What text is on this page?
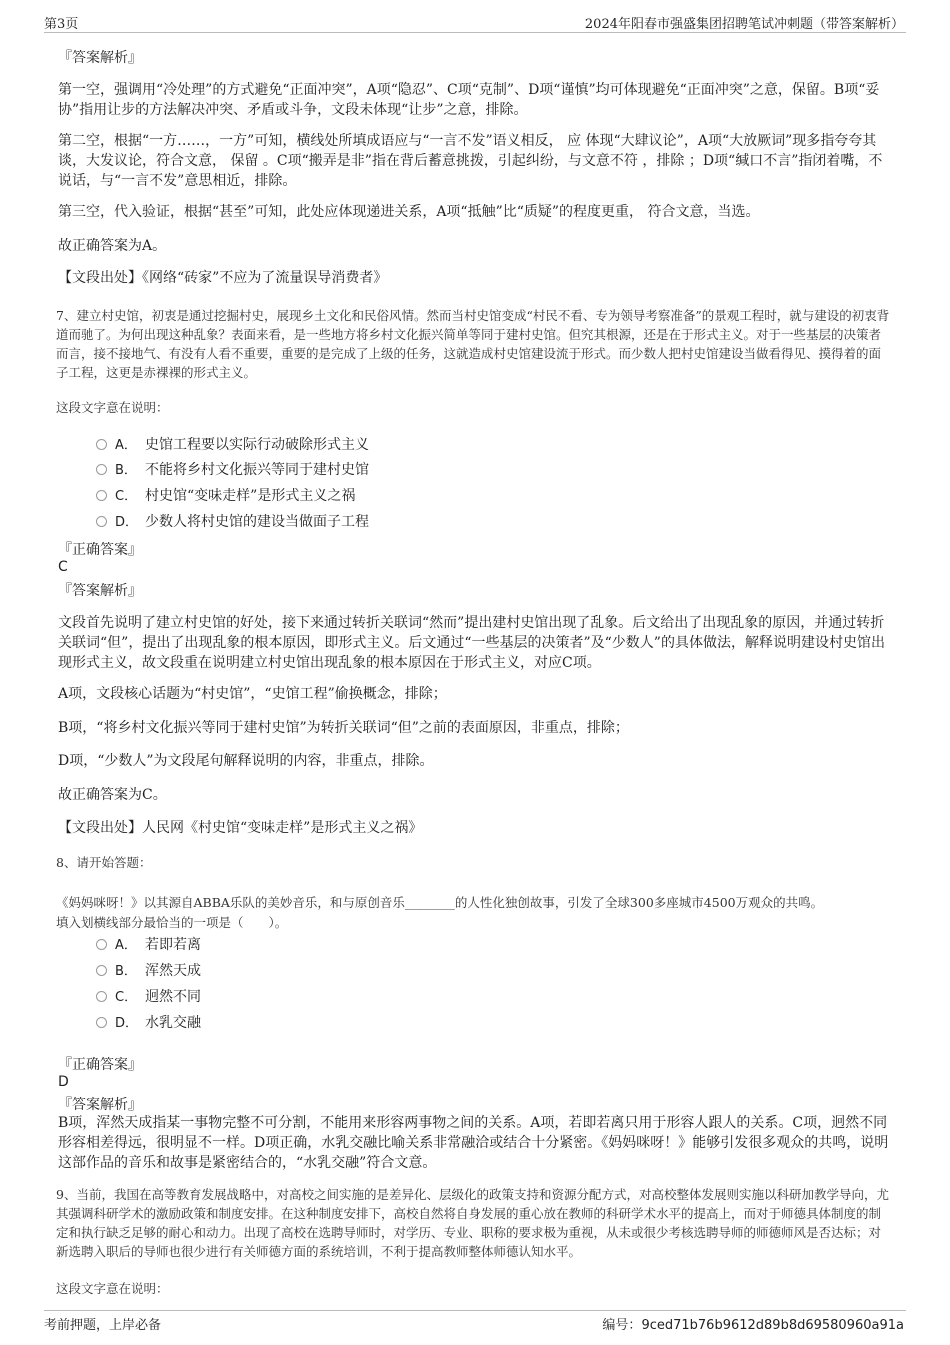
第3页	2024年阳春市强盛集团招聘笔试冲刺题（带答案解析）
『答案解析』
第一空，强调用“冷处理”的方式避免“正面冲突”，A项“隐忍”、C项“克制”、D项“谨慎”均可体现避免“正面冲突”之意，保留。B项“妥协”指用让步的方法解决冲突、矛盾或斗争，文段未体现“让步”之意，排除。
第二空，根据“一方……，一方”可知，横线处所填成语应与“一言不发”语义相反， 应 体现“大肆议论”，A项“大放厥词”现多指夸夸其谈，大发议论，符合文意， 保留 。C项“搬弄是非”指在背后蓄意挑拨，引起纠纷，与文意不符 ，排除 ；D项“缄口不言”指闭着嘴，不说话，与“一言不发”意思相近，排除。
第三空，代入验证，根据“甚至”可知，此处应体现递进关系，A项“抵触”比“质疑”的程度更重， 符合文意，当选。
故正确答案为A。
【文段出处】《网络“砖家”不应为了流量误导消费者》
7、建立村史馆，初衷是通过挖掘村史，展现乡土文化和民俗风情。然而当村史馆变成“村民不看、专为领导考察准备”的景观工程时，就与建设的初衷背道而驰了。为何出现这种乱象？表面来看，是一些地方将乡村文化振兴简单等同于建村史馆。但究其根源，还是在于形式主义。对于一些基层的决策者而言，接不接地气、有没有人看不重要，重要的是完成了上级的任务，这就造成村史馆建设流于形式。而少数人把村史馆建设当做看得见、摸得着的面子工程，这更是赤裸裸的形式主义。
这段文字意在说明：
A． 史馆工程要以实际行动破除形式主义
B． 不能将乡村文化振兴等同于建村史馆
C． 村史馆“变味走样”是形式主义之祸
D． 少数人将村史馆的建设当做面子工程
『正确答案』
C
『答案解析』
文段首先说明了建立村史馆的好处，接下来通过转折关联词“然而”提出建村史馆出现了乱象。后文给出了出现乱象的原因，并通过转折关联词“但”，提出了出现乱象的根本原因，即形式主义。后文通过“一些基层的决策者”及“少数人”的具体做法，解释说明建设村史馆出现形式主义，故文段重在说明建立村史馆出现乱象的根本原因在于形式主义，对应C项。
A项，文段核心话题为“村史馆”，“史馆工程”偷换概念，排除；
B项，“将乡村文化振兴等同于建村史馆”为转折关联词“但”之前的表面原因，非重点，排除；
D项，“少数人”为文段尾句解释说明的内容，非重点，排除。
故正确答案为C。
【文段出处】人民网《村史馆“变味走样”是形式主义之祸》
8、请开始答题：
《妈妈咪呀！》以其源自ABBA乐队的美妙音乐，和与原创音乐________的人性化独创故事，引发了全球300多座城市4500万观众的共鸣。
填入划横线部分最恰当的一项是（　　）。
A． 若即若离
B． 浑然天成
C． 迥然不同
D． 水乳交融
『正确答案』
D
『答案解析』
B项，浑然天成指某一事物完整不可分割，不能用来形容两事物之间的关系。A项，若即若离只用于形容人跟人的关系。C项，迥然不同形容相差得远，很明显不一样。D项正确，水乳交融比喻关系非常融洽或结合十分紧密。《妈妈咪呀！》能够引发很多观众的共鸣，说明这部作品的音乐和故事是紧密结合的，“水乳交融”符合文意。
9、当前，我国在高等教育发展战略中，对高校之间实施的是差异化、层级化的政策支持和资源分配方式，对高校整体发展则实施以科研加教学导向，尤其强调科研学术的激励政策和制度安排。在这种制度安排下，高校自然将自身发展的重心放在教师的科研学术水平的提高上，而对于师德具体制度的制定和执行缺乏足够的耐心和动力。出现了高校在选聘导师时，对学历、专业、职称的要求极为重视，从未或很少考核选聘导师的师德师风是否达标；对新选聘入职后的导师也很少进行有关师德方面的系统培训，不利于提高教师整体师德认知水平。
这段文字意在说明：
考前押题，上岸必备	编号：9ced71b76b9612d89b8d69580960a91a
